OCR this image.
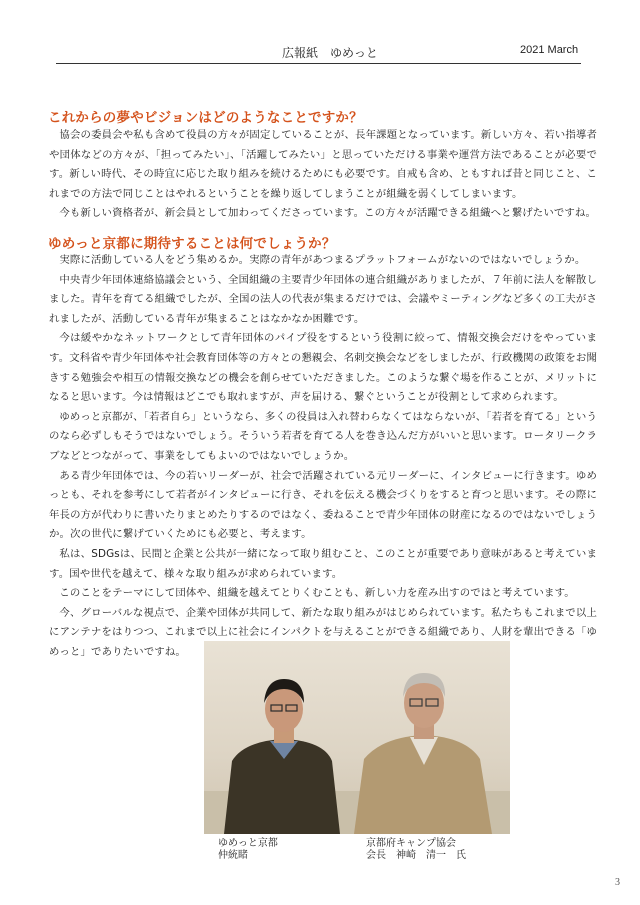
広報紙　ゆめっと	2021 March
これからの夢やビジョンはどのようなことですか？

協会の委員会や私も含めて役員の方々が固定していることが、長年課題となっています。新しい方々、若い指導者や団体などの方々が、「担ってみたい」、「活躍してみたい」と思っていただける事業や運営方法であることが必要です。新しい時代、その時宜に応じた取り組みを続けるためにも必要です。自戒も含め、ともすれば昔と同じこと、これまでの方法で同じことはやれるということを繰り返してしまうことが組織を弱くしてしまいます。

今も新しい資格者が、新会員として加わってくださっています。この方々が活躍できる組織へと繋げたいですね。

ゆめっと京都に期待することは何でしょうか？

実際に活動している人をどう集めるか。実際の青年があつまるプラットフォームがないのではないでしょうか。

中央青少年団体連絡協議会という、全国組織の主要青少年団体の連合組織がありましたが、７年前に法人を解散しました。青年を育てる組織でしたが、全国の法人の代表が集まるだけでは、会議やミーティングなど多くの工夫がされましたが、活動している青年が集まることはなかなか困難です。

今は緩やかなネットワークとして青年団体のパイプ役をするという役割に絞って、情報交換会だけをやっています。文科省や青少年団体や社会教育団体等の方々との懇親会、名刺交換会などをしましたが、行政機関の政策をお聞きする勉強会や相互の情報交換などの機会を創らせていただきました。このような繋ぐ場を作ることが、メリットになると思います。今は情報はどこでも取れますが、声を届ける、繋ぐということが役割として求められます。

ゆめっと京都が、「若者自ら」というなら、多くの役員は入れ替わらなくてはならないが、「若者を育てる」というのなら必ずしもそうではないでしょう。そういう若者を育てる人を巻き込んだ方がいいと思います。ロータリークラブなどとつながって、事業をしてもよいのではないでしょうか。

ある青少年団体では、今の若いリーダーが、社会で活躍されている元リーダーに、インタビューに行きます。ゆめっとも、それを参考にして若者がインタビューに行き、それを伝える機会づくりをすると育つと思います。その際に年長の方が代わりに書いたりまとめたりするのではなく、委ねることで青少年団体の財産になるのではないでしょうか。次の世代に繋げていくためにも必要と、考えます。

私は、SDGsは、民間と企業と公共が一緒になって取り組むこと、このことが重要であり意味があると考えています。国や世代を越えて、様々な取り組みが求められています。

このことをテーマにして団体や、組織を越えてとりくむことも、新しい力を産み出すのではと考えています。

今、グローバルな視点で、企業や団体が共同して、新たな取り組みがはじめられています。私たちもこれまで以上にアンテナをはりつつ、これまで以上に社会にインパクトを与えることができる組織であり、人財を輩出できる「ゆめっと」でありたいですね。

ゆめっと京都
仲統睹
京都府キャンプ協会
会長　神崎　清一　氏
3
